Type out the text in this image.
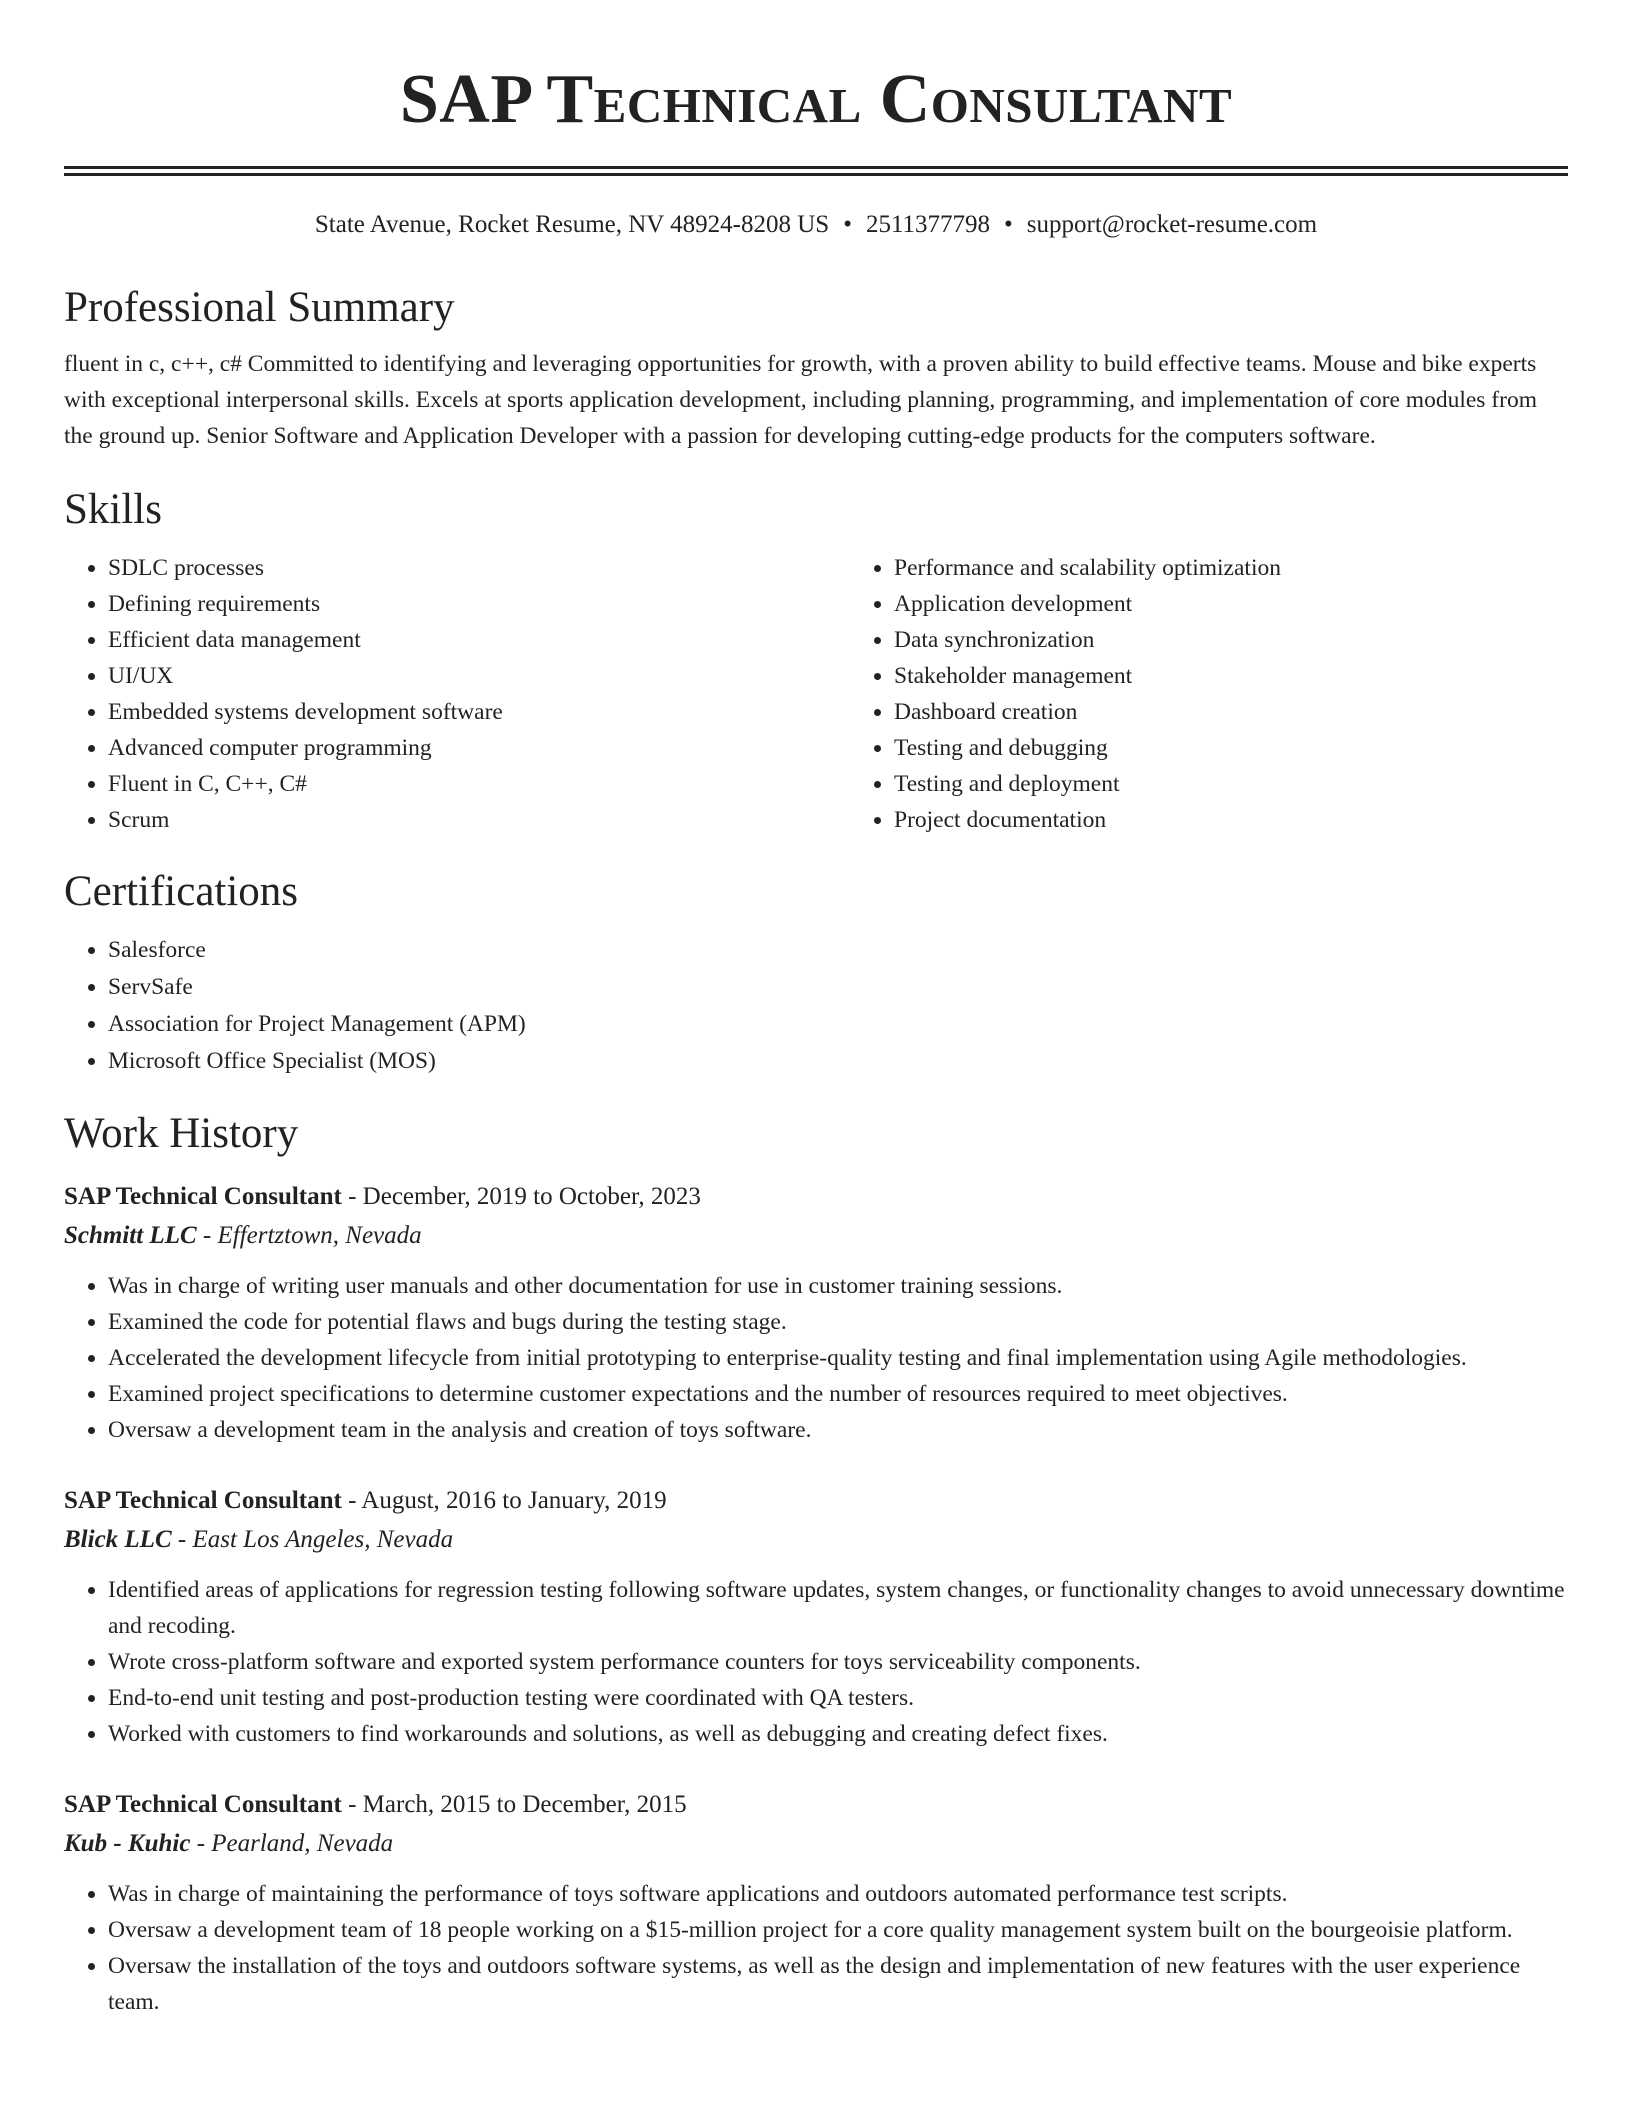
SAP Technical Consultant
State Avenue, Rocket Resume, NV 48924-8208 US • 2511377798 • support@rocket-resume.com
Professional Summary

fluent in c, c++, c# Committed to identifying and leveraging opportunities for growth, with a proven ability to build effective teams. Mouse and bike experts with exceptional interpersonal skills. Excels at sports application development, including planning, programming, and implementation of core modules from the ground up. Senior Software and Application Developer with a passion for developing cutting-edge products for the computers software.

Skills
• SDLC processes
• Defining requirements
• Efficient data management
• UI/UX
• Embedded systems development software
• Advanced computer programming
• Fluent in C, C++, C#
• Scrum
• Performance and scalability optimization
• Application development
• Data synchronization
• Stakeholder management
• Dashboard creation
• Testing and debugging
• Testing and deployment
• Project documentation
Certifications
• Salesforce
• ServSafe
• Association for Project Management (APM)
• Microsoft Office Specialist (MOS)
Work History
SAP Technical Consultant - December, 2019 to October, 2023
Schmitt LLC - Effertztown, Nevada
• Was in charge of writing user manuals and other documentation for use in customer training sessions.
• Examined the code for potential flaws and bugs during the testing stage.
• Accelerated the development lifecycle from initial prototyping to enterprise-quality testing and final implementation using Agile methodologies.
• Examined project specifications to determine customer expectations and the number of resources required to meet objectives.
• Oversaw a development team in the analysis and creation of toys software.
SAP Technical Consultant - August, 2016 to January, 2019
Blick LLC - East Los Angeles, Nevada
• Identified areas of applications for regression testing following software updates, system changes, or functionality changes to avoid unnecessary downtime and recoding.
• Wrote cross-platform software and exported system performance counters for toys serviceability components.
• End-to-end unit testing and post-production testing were coordinated with QA testers.
• Worked with customers to find workarounds and solutions, as well as debugging and creating defect fixes.
SAP Technical Consultant - March, 2015 to December, 2015
Kub - Kuhic - Pearland, Nevada
• Was in charge of maintaining the performance of toys software applications and outdoors automated performance test scripts.
• Oversaw a development team of 18 people working on a $15-million project for a core quality management system built on the bourgeoisie platform.
• Oversaw the installation of the toys and outdoors software systems, as well as the design and implementation of new features with the user experience team.
